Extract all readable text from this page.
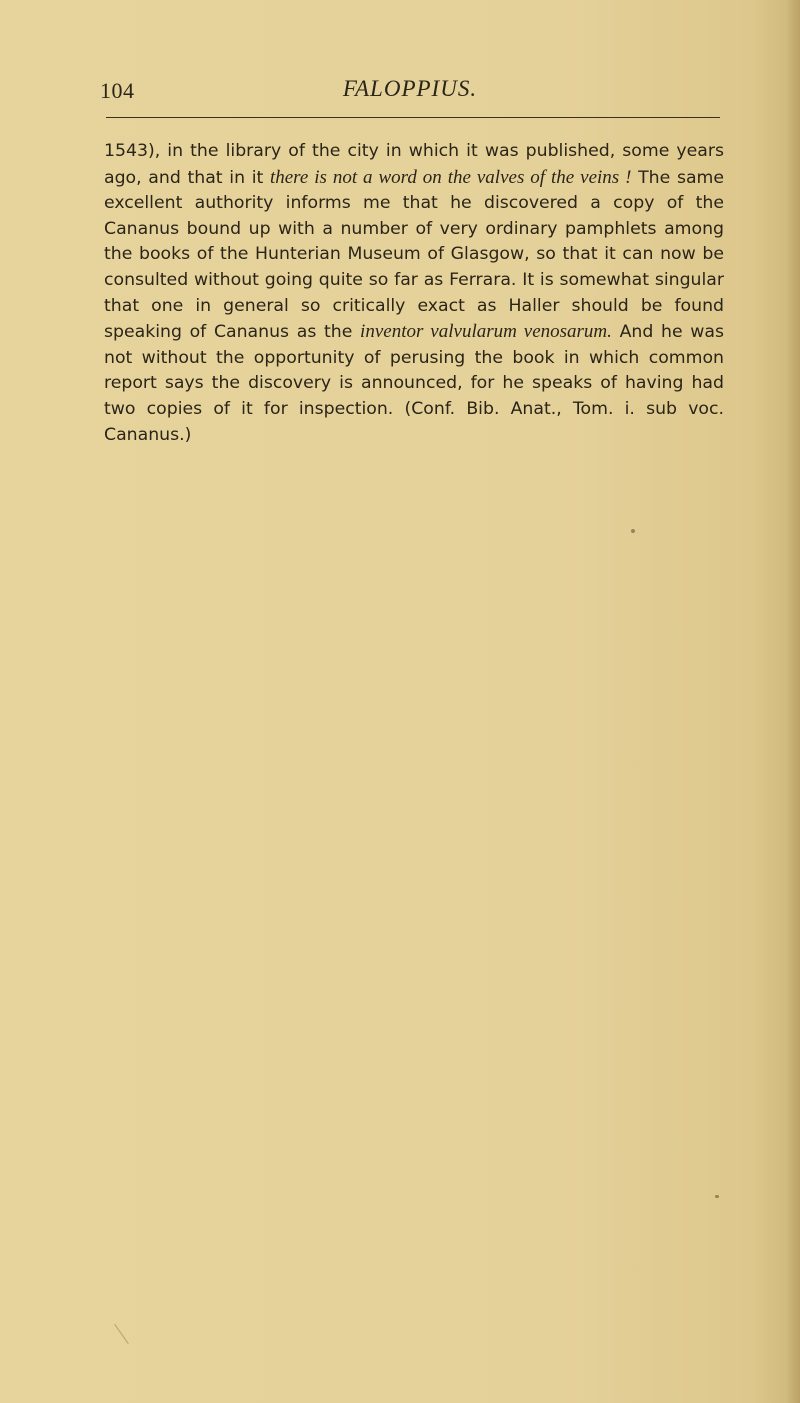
104	FALOPPIUS.

1543), in the library of the city in which it was published, some years ago, and that in it there is not a word on the valves of the veins ! The same excellent authority informs me that he discovered a copy of the Cananus bound up with a number of very ordinary pamphlets among the books of the Hunterian Museum of Glasgow, so that it can now be consulted without going quite so far as Ferrara. It is somewhat singular that one in general so critically exact as Haller should be found speaking of Cananus as the inventor valvularum venosarum. And he was not without the opportunity of perusing the book in which common report says the discovery is announced, for he speaks of having had two copies of it for inspection. (Conf. Bib. Anat., Tom. i. sub voc. Cananus.)
